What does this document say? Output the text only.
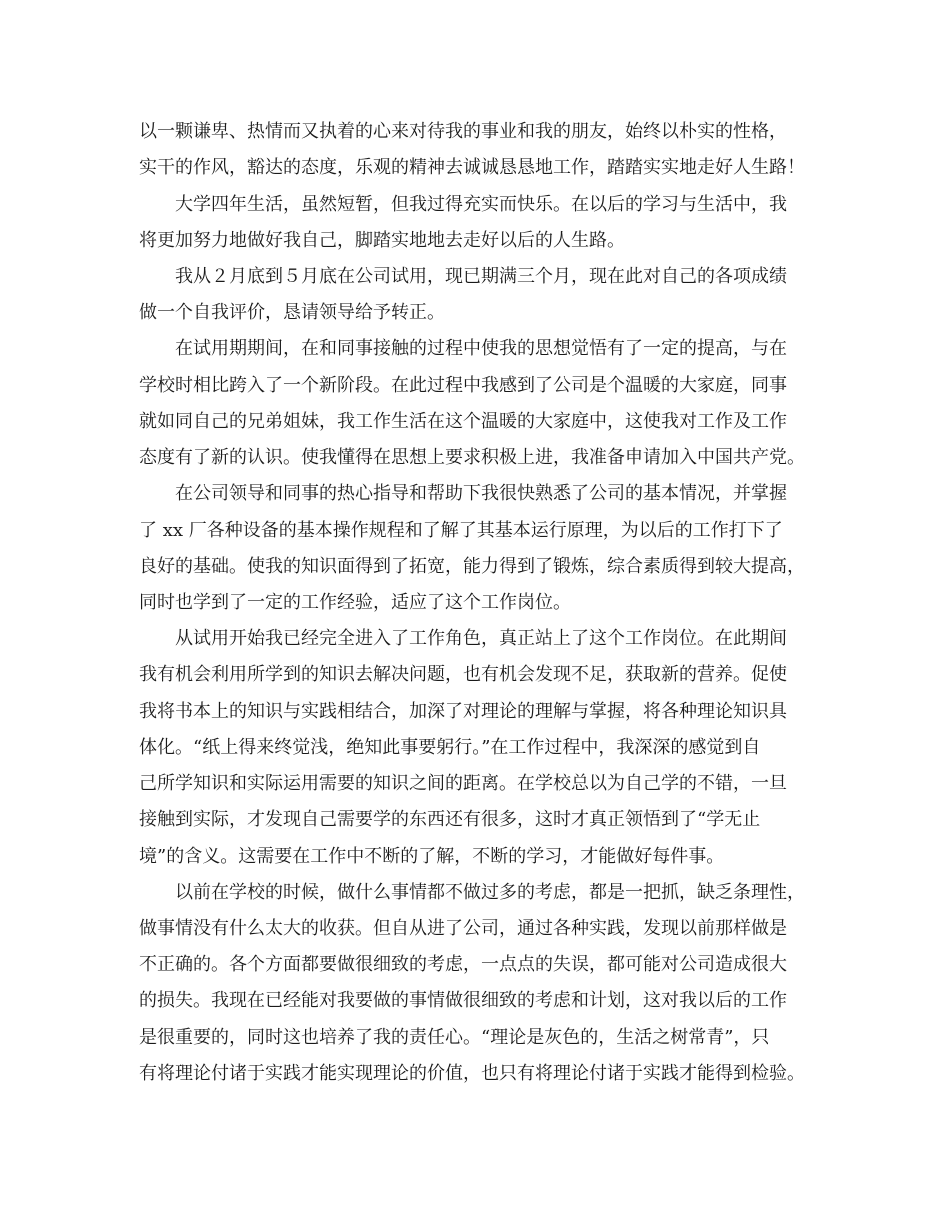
以一颗谦卑、热情而又执着的心来对待我的事业和我的朋友，始终以朴实的性格，
实干的作风，豁达的态度，乐观的精神去诚诚恳恳地工作，踏踏实实地走好人生路！
大学四年生活，虽然短暂，但我过得充实而快乐。在以后的学习与生活中，我
将更加努力地做好我自己，脚踏实地地去走好以后的人生路。
我从２月底到５月底在公司试用，现已期满三个月，现在此对自己的各项成绩
做一个自我评价，恳请领导给予转正。
在试用期期间，在和同事接触的过程中使我的思想觉悟有了一定的提高，与在
学校时相比跨入了一个新阶段。在此过程中我感到了公司是个温暖的大家庭，同事
就如同自己的兄弟姐妹，我工作生活在这个温暖的大家庭中，这使我对工作及工作
态度有了新的认识。使我懂得在思想上要求积极上进，我准备申请加入中国共产党。
在公司领导和同事的热心指导和帮助下我很快熟悉了公司的基本情况，并掌握
了 xx 厂各种设备的基本操作规程和了解了其基本运行原理，为以后的工作打下了
良好的基础。使我的知识面得到了拓宽，能力得到了锻炼，综合素质得到较大提高，
同时也学到了一定的工作经验，适应了这个工作岗位。
从试用开始我已经完全进入了工作角色，真正站上了这个工作岗位。在此期间
我有机会利用所学到的知识去解决问题，也有机会发现不足，获取新的营养。促使
我将书本上的知识与实践相结合，加深了对理论的理解与掌握，将各种理论知识具
体化。“纸上得来终觉浅，绝知此事要躬行。”在工作过程中，我深深的感觉到自
己所学知识和实际运用需要的知识之间的距离。在学校总以为自己学的不错，一旦
接触到实际，才发现自己需要学的东西还有很多，这时才真正领悟到了“学无止
境”的含义。这需要在工作中不断的了解，不断的学习，才能做好每件事。
以前在学校的时候，做什么事情都不做过多的考虑，都是一把抓，缺乏条理性，
做事情没有什么太大的收获。但自从进了公司，通过各种实践，发现以前那样做是
不正确的。各个方面都要做很细致的考虑，一点点的失误，都可能对公司造成很大
的损失。我现在已经能对我要做的事情做很细致的考虑和计划，这对我以后的工作
是很重要的，同时这也培养了我的责任心。“理论是灰色的，生活之树常青”，只
有将理论付诸于实践才能实现理论的价值，也只有将理论付诸于实践才能得到检验。
